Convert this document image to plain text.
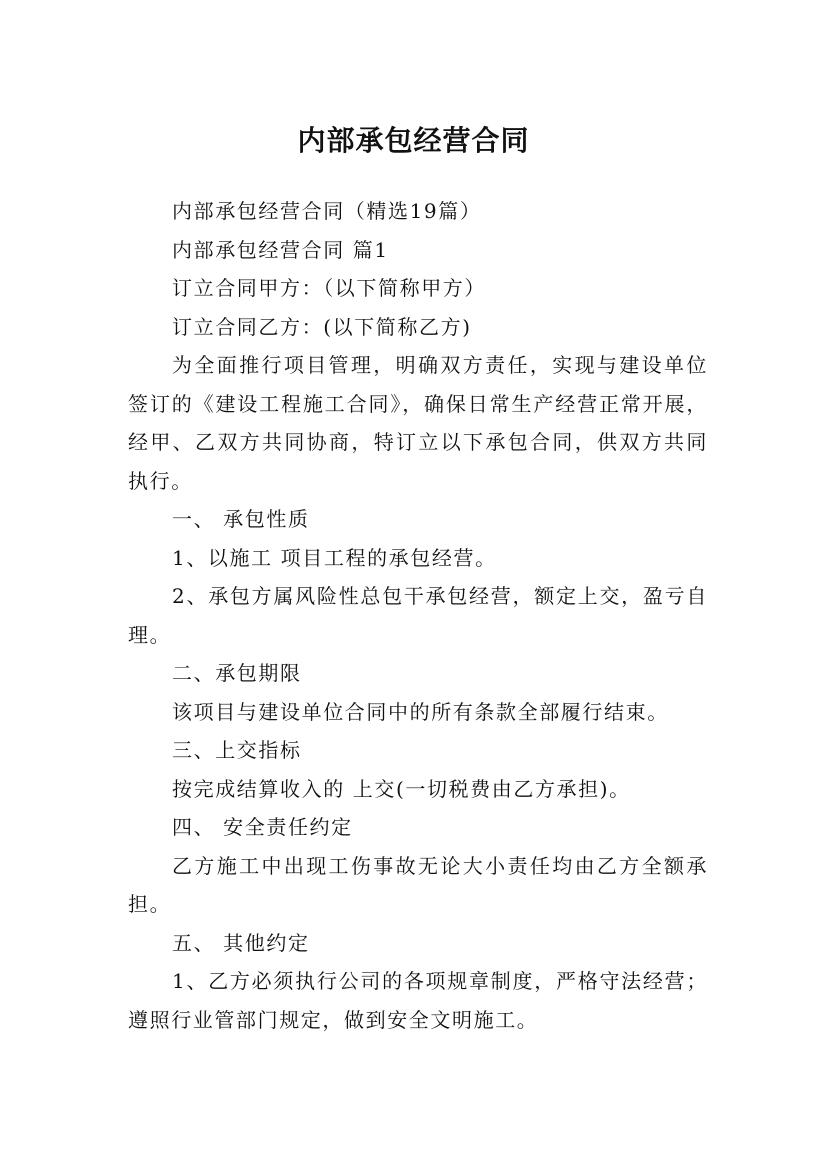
内部承包经营合同

内部承包经营合同（精选19篇）

内部承包经营合同 篇1

订立合同甲方：（以下简称甲方）

订立合同乙方：(以下简称乙方)

为全面推行项目管理，明确双方责任，实现与建设单位签订的《建设工程施工合同》，确保日常生产经营正常开展，经甲、乙双方共同协商，特订立以下承包合同，供双方共同执行。

一、 承包性质

1、以施工 项目工程的承包经营。

2、承包方属风险性总包干承包经营，额定上交，盈亏自理。

二、承包期限

该项目与建设单位合同中的所有条款全部履行结束。

三、上交指标

按完成结算收入的 上交(一切税费由乙方承担)。

四、 安全责任约定

乙方施工中出现工伤事故无论大小责任均由乙方全额承担。

五、 其他约定

1、乙方必须执行公司的各项规章制度，严格守法经营；遵照行业管部门规定，做到安全文明施工。
